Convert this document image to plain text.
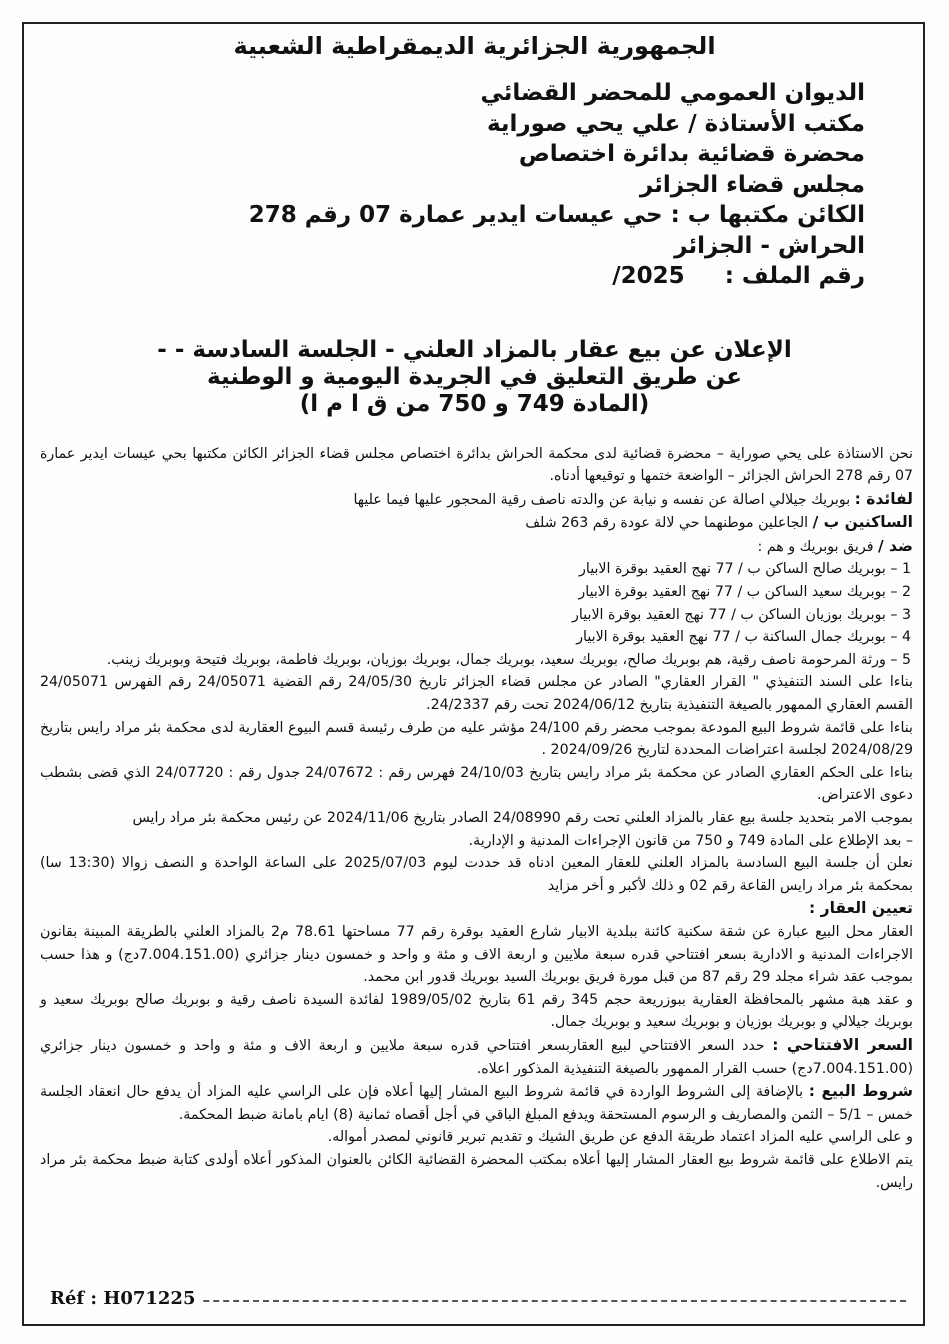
الجمهورية الجزائرية الديمقراطية الشعبية
الديوان العمومي للمحضر القضائي
مكتب الأستاذة / علي يحي صوراية
محضرة قضائية بدائرة اختصاص
مجلس قضاء الجزائر
الكائن مكتبها ب : حي عيسات ايدير عمارة 07 رقم 278
الحراش - الجزائر
رقم الملف :     2025/
الإعلان عن بيع عقار بالمزاد العلني - الجلسة السادسة - -
عن طريق التعليق في الجريدة اليومية و الوطنية
(المادة 749 و 750 من ق ا م ا)

نحن الاستاذة على يحي صوراية – محضرة قضائية لدى محكمة الحراش بدائرة اختصاص مجلس قضاء الجزائر الكائن مكتبها بحي عيسات ايدير عمارة 07 رقم 278 الحراش الجزائر – الواضعة ختمها و توقيعها أدناه.

لفائدة : بوبريك جيلالي اصالة عن نفسه و نيابة عن والدته ناصف رقية المحجور عليها فيما عليها

الساكنين ب / الجاعلين موطنهما حي لالة عودة رقم 263 شلف

ضد / فريق بوبريك و هم :

1 – بوبريك صالح الساكن ب / 77 نهج العقيد بوقرة الابيار

2 – بوبريك سعيد الساكن ب / 77 نهج العقيد بوقرة الابيار

3 – بوبريك بوزيان الساكن ب / 77 نهج العقيد بوقرة الابيار

4 – بوبريك جمال الساكنة ب / 77 نهج العقيد بوقرة الابيار

5 – ورثة المرحومة ناصف رقية، هم بوبريك صالح، بوبريك سعيد، بوبريك جمال، بوبريك بوزيان، بوبريك فاطمة، بوبريك فتيحة وبوبريك زينب.

بناءا على السند التنفيذي " القرار العقاري" الصادر عن مجلس قضاء الجزائر تاريخ 24/05/30 رقم القضية 24/05071 رقم الفهرس 24/05071 القسم العقاري الممهور بالصيغة التنفيذية بتاريخ 2024/06/12 تحت رقم 24/2337.

بناءا على قائمة شروط البيع المودعة بموجب محضر رقم 24/100 مؤشر عليه من طرف رئيسة قسم البيوع العقارية لدى محكمة بئر مراد رايس بتاريخ 2024/08/29 لجلسة اعتراضات المحددة لتاريخ 2024/09/26 .

بناءا على الحكم العقاري الصادر عن محكمة بئر مراد رايس بتاريخ 24/10/03 فهرس رقم : 24/07672 جدول رقم : 24/07720 الذي قضى بشطب دعوى الاعتراض.

بموجب الامر بتحديد جلسة بيع عقار بالمزاد العلني تحت رقم 24/08990 الصادر بتاريخ 2024/11/06 عن رئيس محكمة بئر مراد رايس

– بعد الإطلاع على المادة 749 و 750 من قانون الإجراءات المدنية و الإدارية.

نعلن أن جلسة البيع السادسة بالمزاد العلني للعقار المعين ادناه قد حددت ليوم 2025/07/03 على الساعة الواحدة و النصف زوالا (13:30 سا) بمحكمة بئر مراد رايس القاعة رقم 02 و ذلك لأكبر و أخر مزايد

تعيين العقار :

العقار محل البيع عبارة عن شقة سكنية كائنة ببلدية الابيار شارع العقيد بوقرة رقم 77 مساحتها 78.61 م2 بالمزاد العلني بالطريقة المبينة بقانون الاجراءات المدنية و الادارية بسعر افتتاحي قدره سبعة ملايين و اربعة الاف و مئة و واحد و خمسون دينار جزائري (7.004.151.00دج) و هذا حسب بموجب عقد شراء مجلد 29 رقم 87 من قبل مورة فريق بوبريك السيد بوبريك قدور ابن محمد.

و عقد هبة مشهر بالمحافظة العقارية ببوزريعة حجم 345 رقم 61 بتاريخ 1989/05/02 لفائدة السيدة ناصف رقية و بوبريك صالح بوبريك سعيد و بوبريك جيلالي و بوبريك بوزيان و بوبريك سعيد و بوبريك جمال.

السعر الافتتاحي : حدد السعر الافتتاحي لبيع العقاربسعر افتتاحي قدره سبعة ملايين و اربعة الاف و مئة و واحد و خمسون دينار جزائري (7.004.151.00دج) حسب القرار الممهور بالصيغة التنفيذية المذكور اعلاه.

شروط البيع : بالإضافة إلى الشروط الواردة في قائمة شروط البيع المشار إليها أعلاه فإن على الراسي عليه المزاد أن يدفع حال انعقاد الجلسة خمس – 5/1 – الثمن والمصاريف و الرسوم المستحقة ويدفع المبلغ الباقي في أجل أقصاه ثمانية (8) ايام بامانة ضبط المحكمة.

و على الراسي عليه المزاد اعتماد طريقة الدفع عن طريق الشيك و تقديم تبرير قانوني لمصدر أمواله.

يتم الاطلاع على قائمة شروط بيع العقار المشار إليها أعلاه بمكتب المحضرة القضائية الكائن بالعنوان المذكور أعلاه أولدى كتابة ضبط محكمة بئر مراد رايس.

Réf : H071225
